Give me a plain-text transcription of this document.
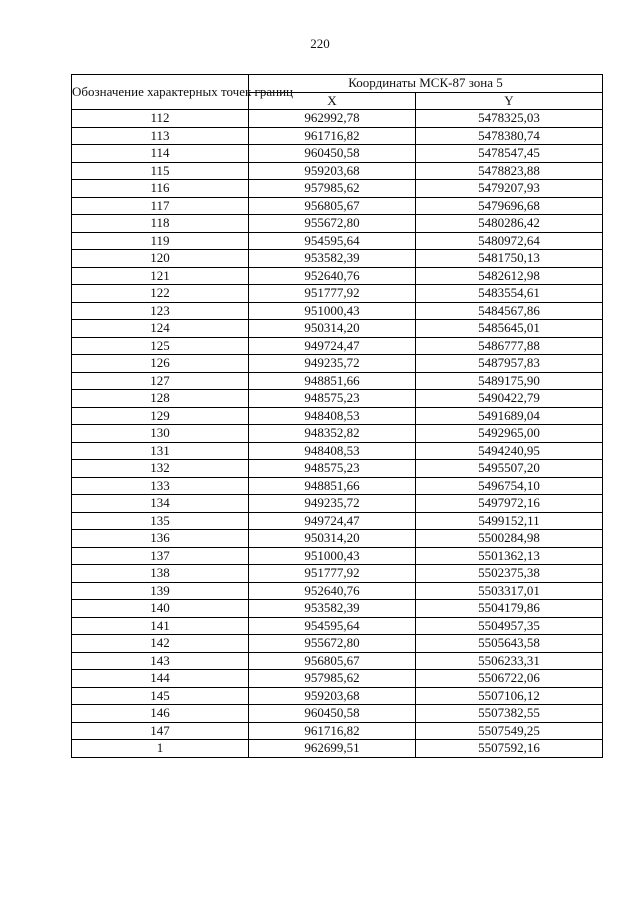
220
Обозначение характерных точек границ	Координаты МСК-87 зона 5	
	X	Y
112	962992,78	5478325,03
113	961716,82	5478380,74
114	960450,58	5478547,45
115	959203,68	5478823,88
116	957985,62	5479207,93
117	956805,67	5479696,68
118	955672,80	5480286,42
119	954595,64	5480972,64
120	953582,39	5481750,13
121	952640,76	5482612,98
122	951777,92	5483554,61
123	951000,43	5484567,86
124	950314,20	5485645,01
125	949724,47	5486777,88
126	949235,72	5487957,83
127	948851,66	5489175,90
128	948575,23	5490422,79
129	948408,53	5491689,04
130	948352,82	5492965,00
131	948408,53	5494240,95
132	948575,23	5495507,20
133	948851,66	5496754,10
134	949235,72	5497972,16
135	949724,47	5499152,11
136	950314,20	5500284,98
137	951000,43	5501362,13
138	951777,92	5502375,38
139	952640,76	5503317,01
140	953582,39	5504179,86
141	954595,64	5504957,35
142	955672,80	5505643,58
143	956805,67	5506233,31
144	957985,62	5506722,06
145	959203,68	5507106,12
146	960450,58	5507382,55
147	961716,82	5507549,25
1	962699,51	5507592,16
